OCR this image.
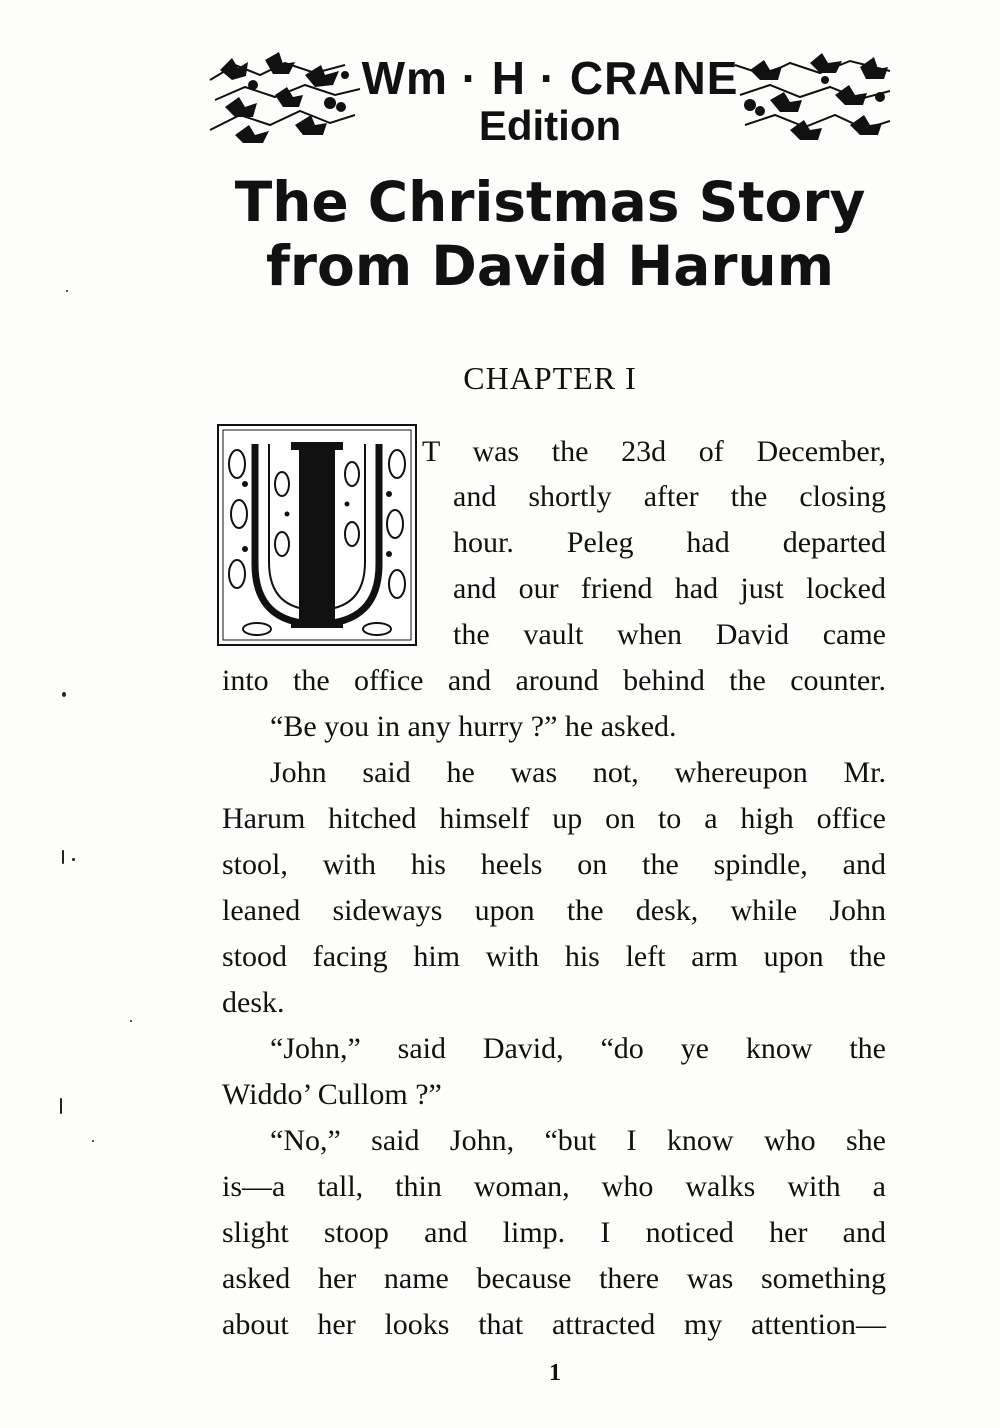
Wm · H · CRANE
Edition
The Christmas Story
from David Harum
CHAPTER I
T was the 23d of December,
and shortly after the closing
hour. Peleg had departed
and our friend had just locked
the vault when David came
into the office and around behind the counter.
“Be you in any hurry ?” he asked.
John said he was not, whereupon Mr.
Harum hitched himself up on to a high office
stool, with his heels on the spindle, and
leaned sideways upon the desk, while John
stood facing him with his left arm upon the
desk.
“John,” said David, “do ye know the
Widdo’ Cullom ?”
“No,” said John, “but I know who she
is—a tall, thin woman, who walks with a
slight stoop and limp. I noticed her and
asked her name because there was something
about her looks that attracted my attention—
1
